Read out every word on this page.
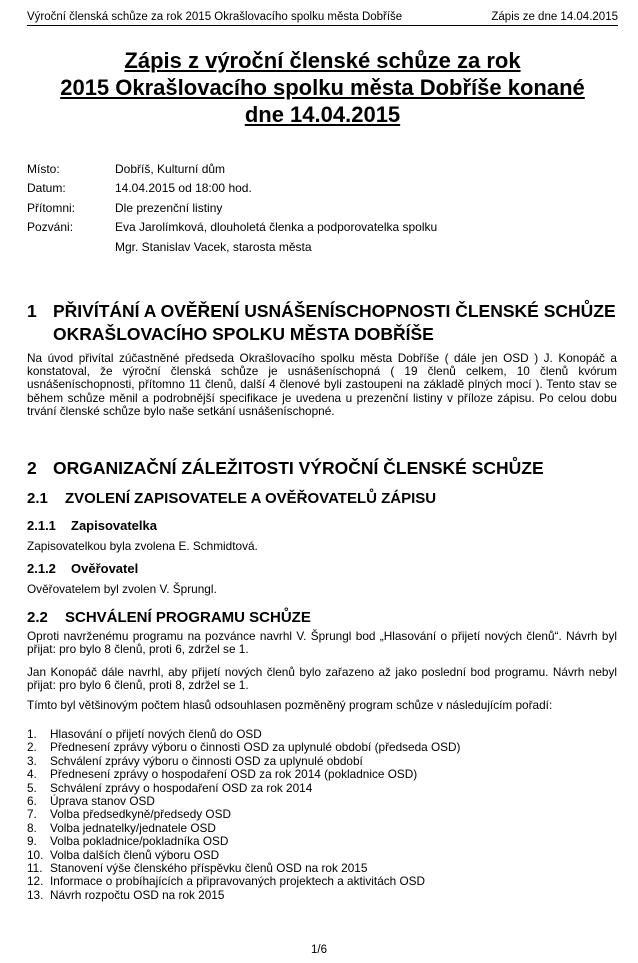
Výroční členská schůze za rok 2015 Okrašlovacího spolku města Dobříše	Zápis ze dne 14.04.2015
Zápis z výroční členské schůze za rok
2015 Okrašlovacího spolku města Dobříše konané
dne 14.04.2015
Místo:	Dobříš, Kulturní dům
Datum:	14.04.2015 od 18:00 hod.
Přítomni:	Dle prezenční listiny
Pozváni:	Eva Jarolímková, dlouholetá členka a podporovatelka spolku
Mgr. Stanislav Vacek, starosta města
1 PŘIVÍTÁNÍ A OVĚŘENÍ USNÁŠENÍSCHOPNOSTI ČLENSKÉ SCHŮZE OKRAŠLOVACÍHO SPOLKU MĚSTA DOBŘÍŠE
Na úvod přivítal zúčastněné předseda Okrašlovacího spolku města Dobříše ( dále jen OSD ) J. Konopáč a konstatoval, že výroční členská schůze je usnášeníschopná ( 19 členů celkem, 10 členů kvórum usnášeníschopnosti, přítomno 11 členů, další 4 členové byli zastoupeni na základě plných mocí ). Tento stav se během schůze měnil a podrobnější specifikace je uvedena u prezenční listiny v příloze zápisu. Po celou dobu trvání členské schůze bylo naše setkání usnášeníschopné.
2 ORGANIZAČNÍ ZÁLEŽITOSTI VÝROČNÍ ČLENSKÉ SCHŮZE
2.1	ZVOLENÍ ZAPISOVATELE A OVĚŘOVATELŮ ZÁPISU
2.1.1	Zapisovatelka
Zapisovatelkou byla zvolena E. Schmidtová.
2.1.2	Ověřovatel
Ověřovatelem byl zvolen V. Šprungl.
2.2	SCHVÁLENÍ PROGRAMU SCHŮZE
Oproti navrženému programu na pozvánce navrhl V. Šprungl bod „Hlasování o přijetí nových členů“. Návrh byl přijat: pro bylo 8 členů, proti 6, zdržel se 1.
Jan Konopáč dále navrhl, aby přijetí nových členů bylo zařazeno až jako poslední bod programu. Návrh nebyl přijat: pro bylo 6 členů, proti 8, zdržel se 1.
Tímto byl většinovým počtem hlasů odsouhlasen pozměněný program schůze v následujícím pořadí:
1.	Hlasování o přijetí nových členů do OSD
2.	Přednesení zprávy výboru o činnosti OSD za uplynulé období (předseda OSD)
3.	Schválení zprávy výboru o činnosti OSD za uplynulé období
4.	Přednesení zprávy o hospodaření OSD za rok 2014 (pokladnice OSD)
5.	Schválení zprávy o hospodaření OSD za rok 2014
6.	Úprava stanov OSD
7.	Volba předsedkyně/předsedy OSD
8.	Volba jednatelky/jednatele OSD
9.	Volba pokladnice/pokladníka OSD
10. Volba dalších členů výboru OSD
11. Stanovení výše členského příspěvku členů OSD na rok 2015
12. Informace o probíhajících a připravovaných projektech a aktivitách OSD
13. Návrh rozpočtu OSD na rok 2015
1/6
